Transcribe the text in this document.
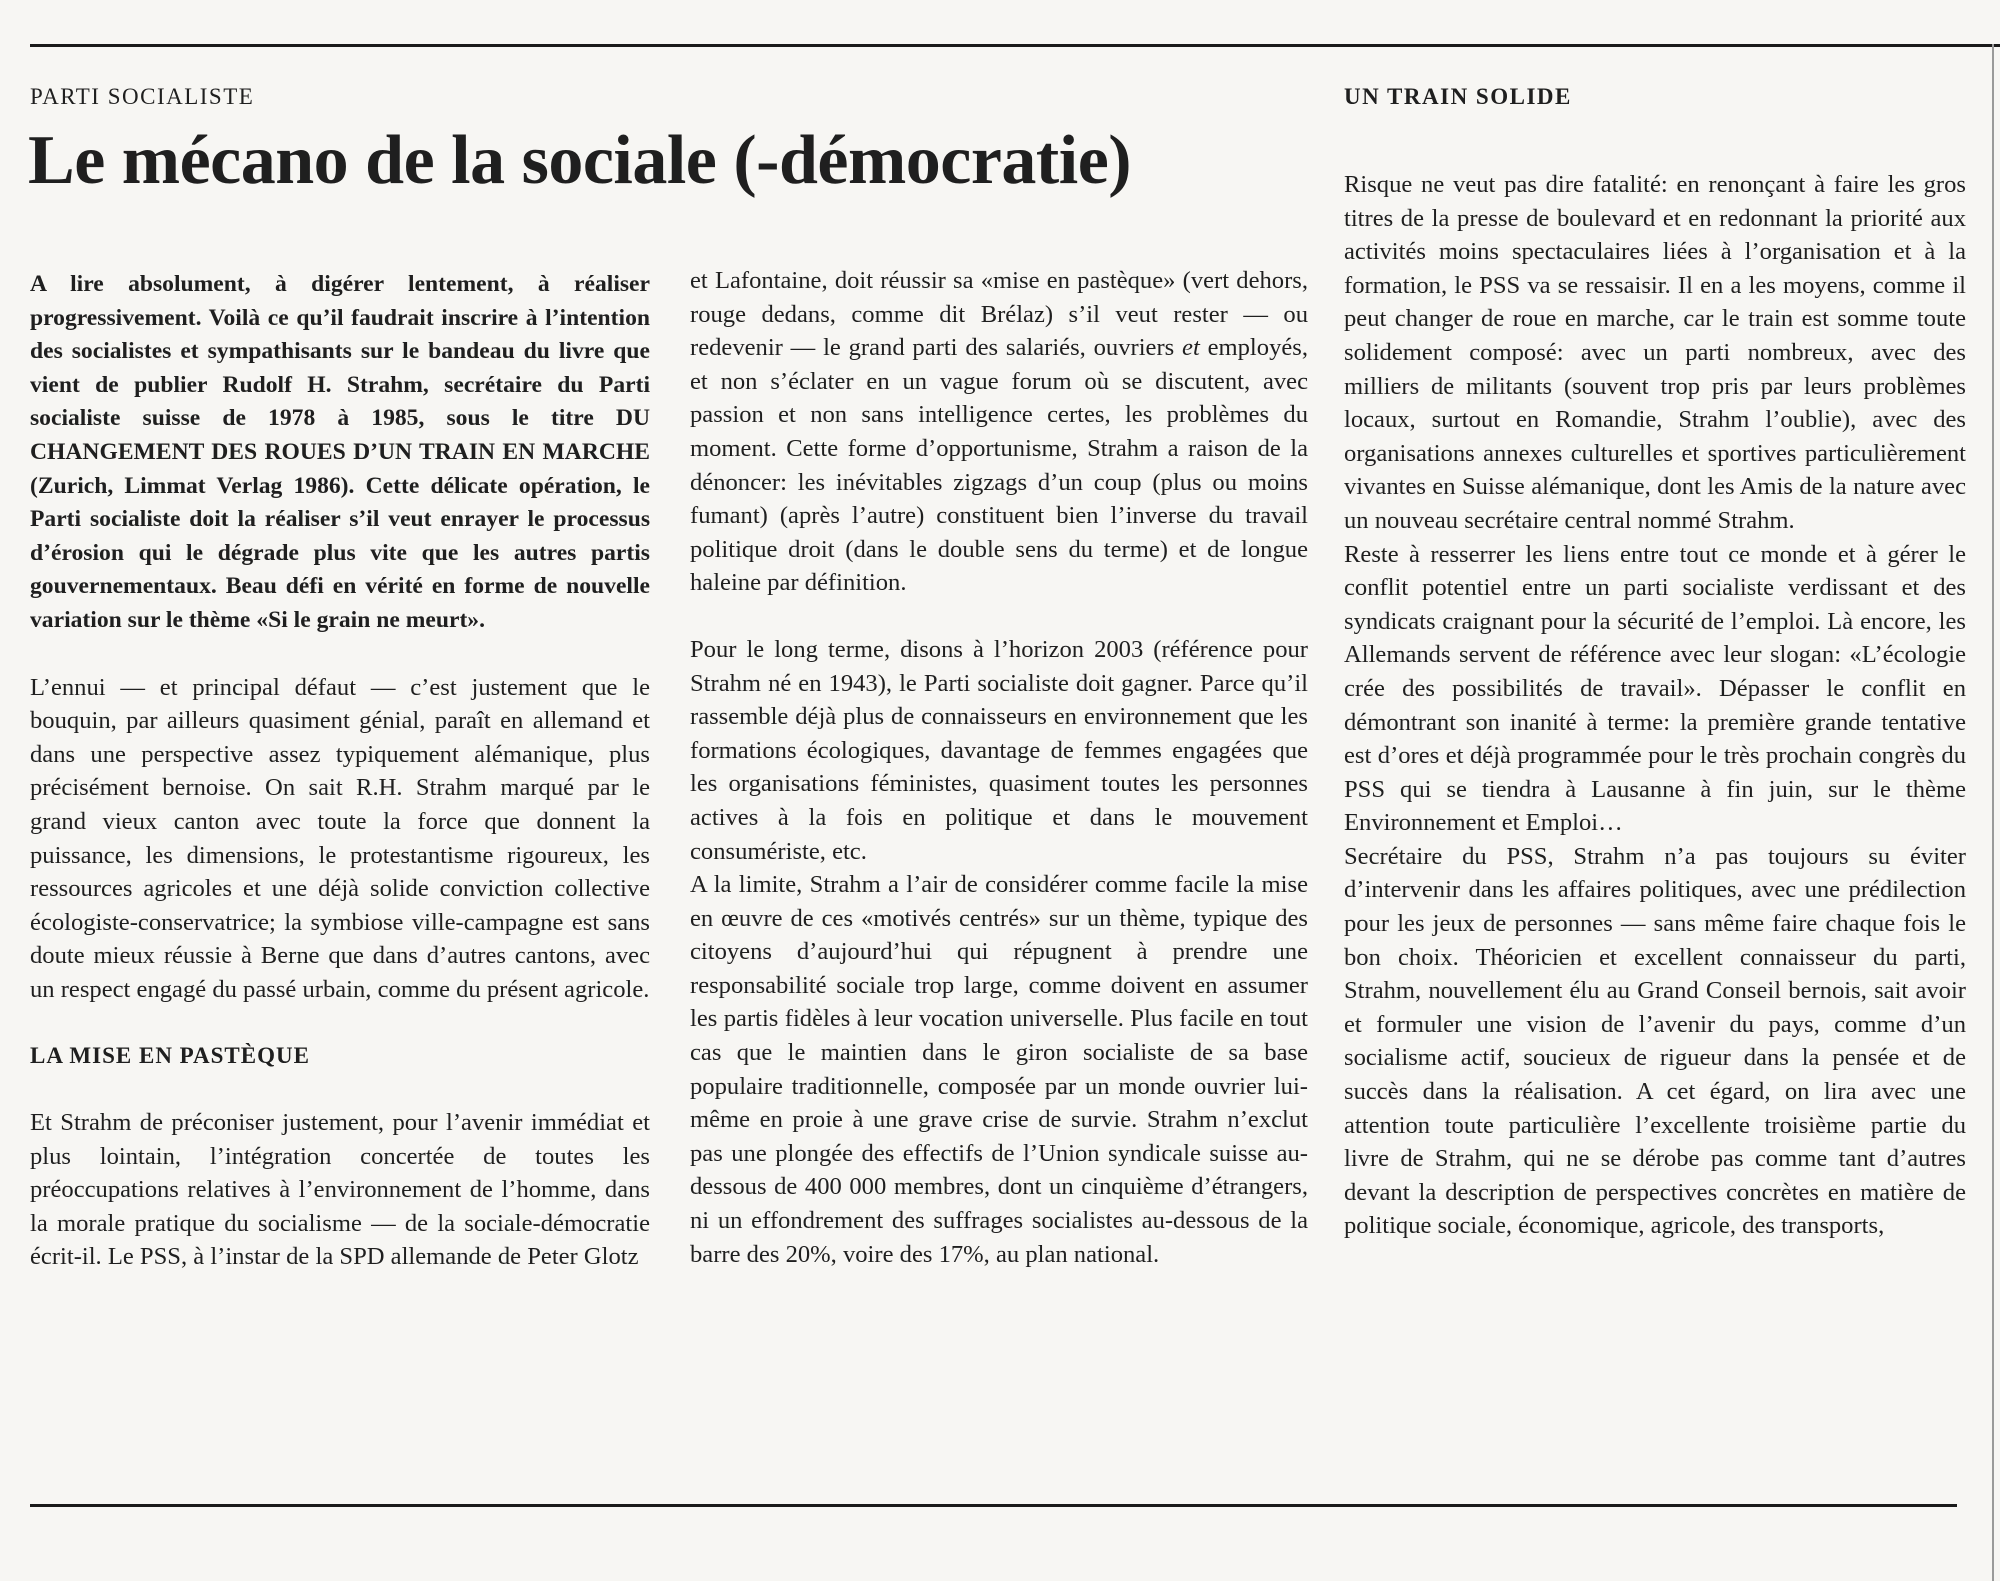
PARTI SOCIALISTE
Le mécano de la sociale (-démocratie)
UN TRAIN SOLIDE

A lire absolument, à digérer lentement, à réaliser progressivement. Voilà ce qu’il faudrait inscrire à l’intention des socialistes et sympathisants sur le bandeau du livre que vient de publier Rudolf H. Strahm, secrétaire du Parti socialiste suisse de 1978 à 1985, sous le titre DU CHANGEMENT DES ROUES D’UN TRAIN EN MARCHE (Zurich, Limmat Verlag 1986). Cette délicate opération, le Parti socialiste doit la réaliser s’il veut enrayer le processus d’érosion qui le dégrade plus vite que les autres partis gouvernementaux. Beau défi en vérité en forme de nouvelle variation sur le thème «Si le grain ne meurt».

L’ennui — et principal défaut — c’est justement que le bouquin, par ailleurs quasiment génial, paraît en allemand et dans une perspective assez typiquement alémanique, plus précisément bernoise. On sait R.H. Strahm marqué par le grand vieux canton avec toute la force que donnent la puissance, les dimensions, le protestantisme rigoureux, les ressources agricoles et une déjà solide conviction collective écologiste-conservatrice; la symbiose ville-campagne est sans doute mieux réussie à Berne que dans d’autres cantons, avec un respect engagé du passé urbain, comme du présent agricole.

LA MISE EN PASTÈQUE

Et Strahm de préconiser justement, pour l’avenir immédiat et plus lointain, l’intégration concertée de toutes les préoccupations relatives à l’environnement de l’homme, dans la morale pratique du socialisme — de la sociale-démocratie écrit-il. Le PSS, à l’instar de la SPD allemande de Peter Glotz

et Lafontaine, doit réussir sa «mise en pastèque» (vert dehors, rouge dedans, comme dit Brélaz) s’il veut rester — ou redevenir — le grand parti des salariés, ouvriers et employés, et non s’éclater en un vague forum où se discutent, avec passion et non sans intelligence certes, les problèmes du moment. Cette forme d’opportunisme, Strahm a raison de la dénoncer: les inévitables zigzags d’un coup (plus ou moins fumant) (après l’autre) constituent bien l’inverse du travail politique droit (dans le double sens du terme) et de longue haleine par définition.

Pour le long terme, disons à l’horizon 2003 (référence pour Strahm né en 1943), le Parti socialiste doit gagner. Parce qu’il rassemble déjà plus de connaisseurs en environnement que les formations écologiques, davantage de femmes engagées que les organisations féministes, quasiment toutes les personnes actives à la fois en politique et dans le mouvement consumériste, etc.

A la limite, Strahm a l’air de considérer comme facile la mise en œuvre de ces «motivés centrés» sur un thème, typique des citoyens d’aujourd’hui qui répugnent à prendre une responsabilité sociale trop large, comme doivent en assumer les partis fidèles à leur vocation universelle. Plus facile en tout cas que le maintien dans le giron socialiste de sa base populaire traditionnelle, composée par un monde ouvrier lui-même en proie à une grave crise de survie. Strahm n’exclut pas une plongée des effectifs de l’Union syndicale suisse au-dessous de 400 000 membres, dont un cinquième d’étrangers, ni un effondrement des suffrages socialistes au-dessous de la barre des 20%, voire des 17%, au plan national.

Risque ne veut pas dire fatalité: en renonçant à faire les gros titres de la presse de boulevard et en redonnant la priorité aux activités moins spectaculaires liées à l’organisation et à la formation, le PSS va se ressaisir. Il en a les moyens, comme il peut changer de roue en marche, car le train est somme toute solidement composé: avec un parti nombreux, avec des milliers de militants (souvent trop pris par leurs problèmes locaux, surtout en Romandie, Strahm l’oublie), avec des organisations annexes culturelles et sportives particulièrement vivantes en Suisse alémanique, dont les Amis de la nature avec un nouveau secrétaire central nommé Strahm.

Reste à resserrer les liens entre tout ce monde et à gérer le conflit potentiel entre un parti socialiste verdissant et des syndicats craignant pour la sécurité de l’emploi. Là encore, les Allemands servent de référence avec leur slogan: «L’écologie crée des possibilités de travail». Dépasser le conflit en démontrant son inanité à terme: la première grande tentative est d’ores et déjà programmée pour le très prochain congrès du PSS qui se tiendra à Lausanne à fin juin, sur le thème Environnement et Emploi…

Secrétaire du PSS, Strahm n’a pas toujours su éviter d’intervenir dans les affaires politiques, avec une prédilection pour les jeux de personnes — sans même faire chaque fois le bon choix. Théoricien et excellent connaisseur du parti, Strahm, nouvellement élu au Grand Conseil bernois, sait avoir et formuler une vision de l’avenir du pays, comme d’un socialisme actif, soucieux de rigueur dans la pensée et de succès dans la réalisation. A cet égard, on lira avec une attention toute particulière l’excellente troisième partie du livre de Strahm, qui ne se dérobe pas comme tant d’autres devant la description de perspectives concrètes en matière de politique sociale, économique, agricole, des transports,
